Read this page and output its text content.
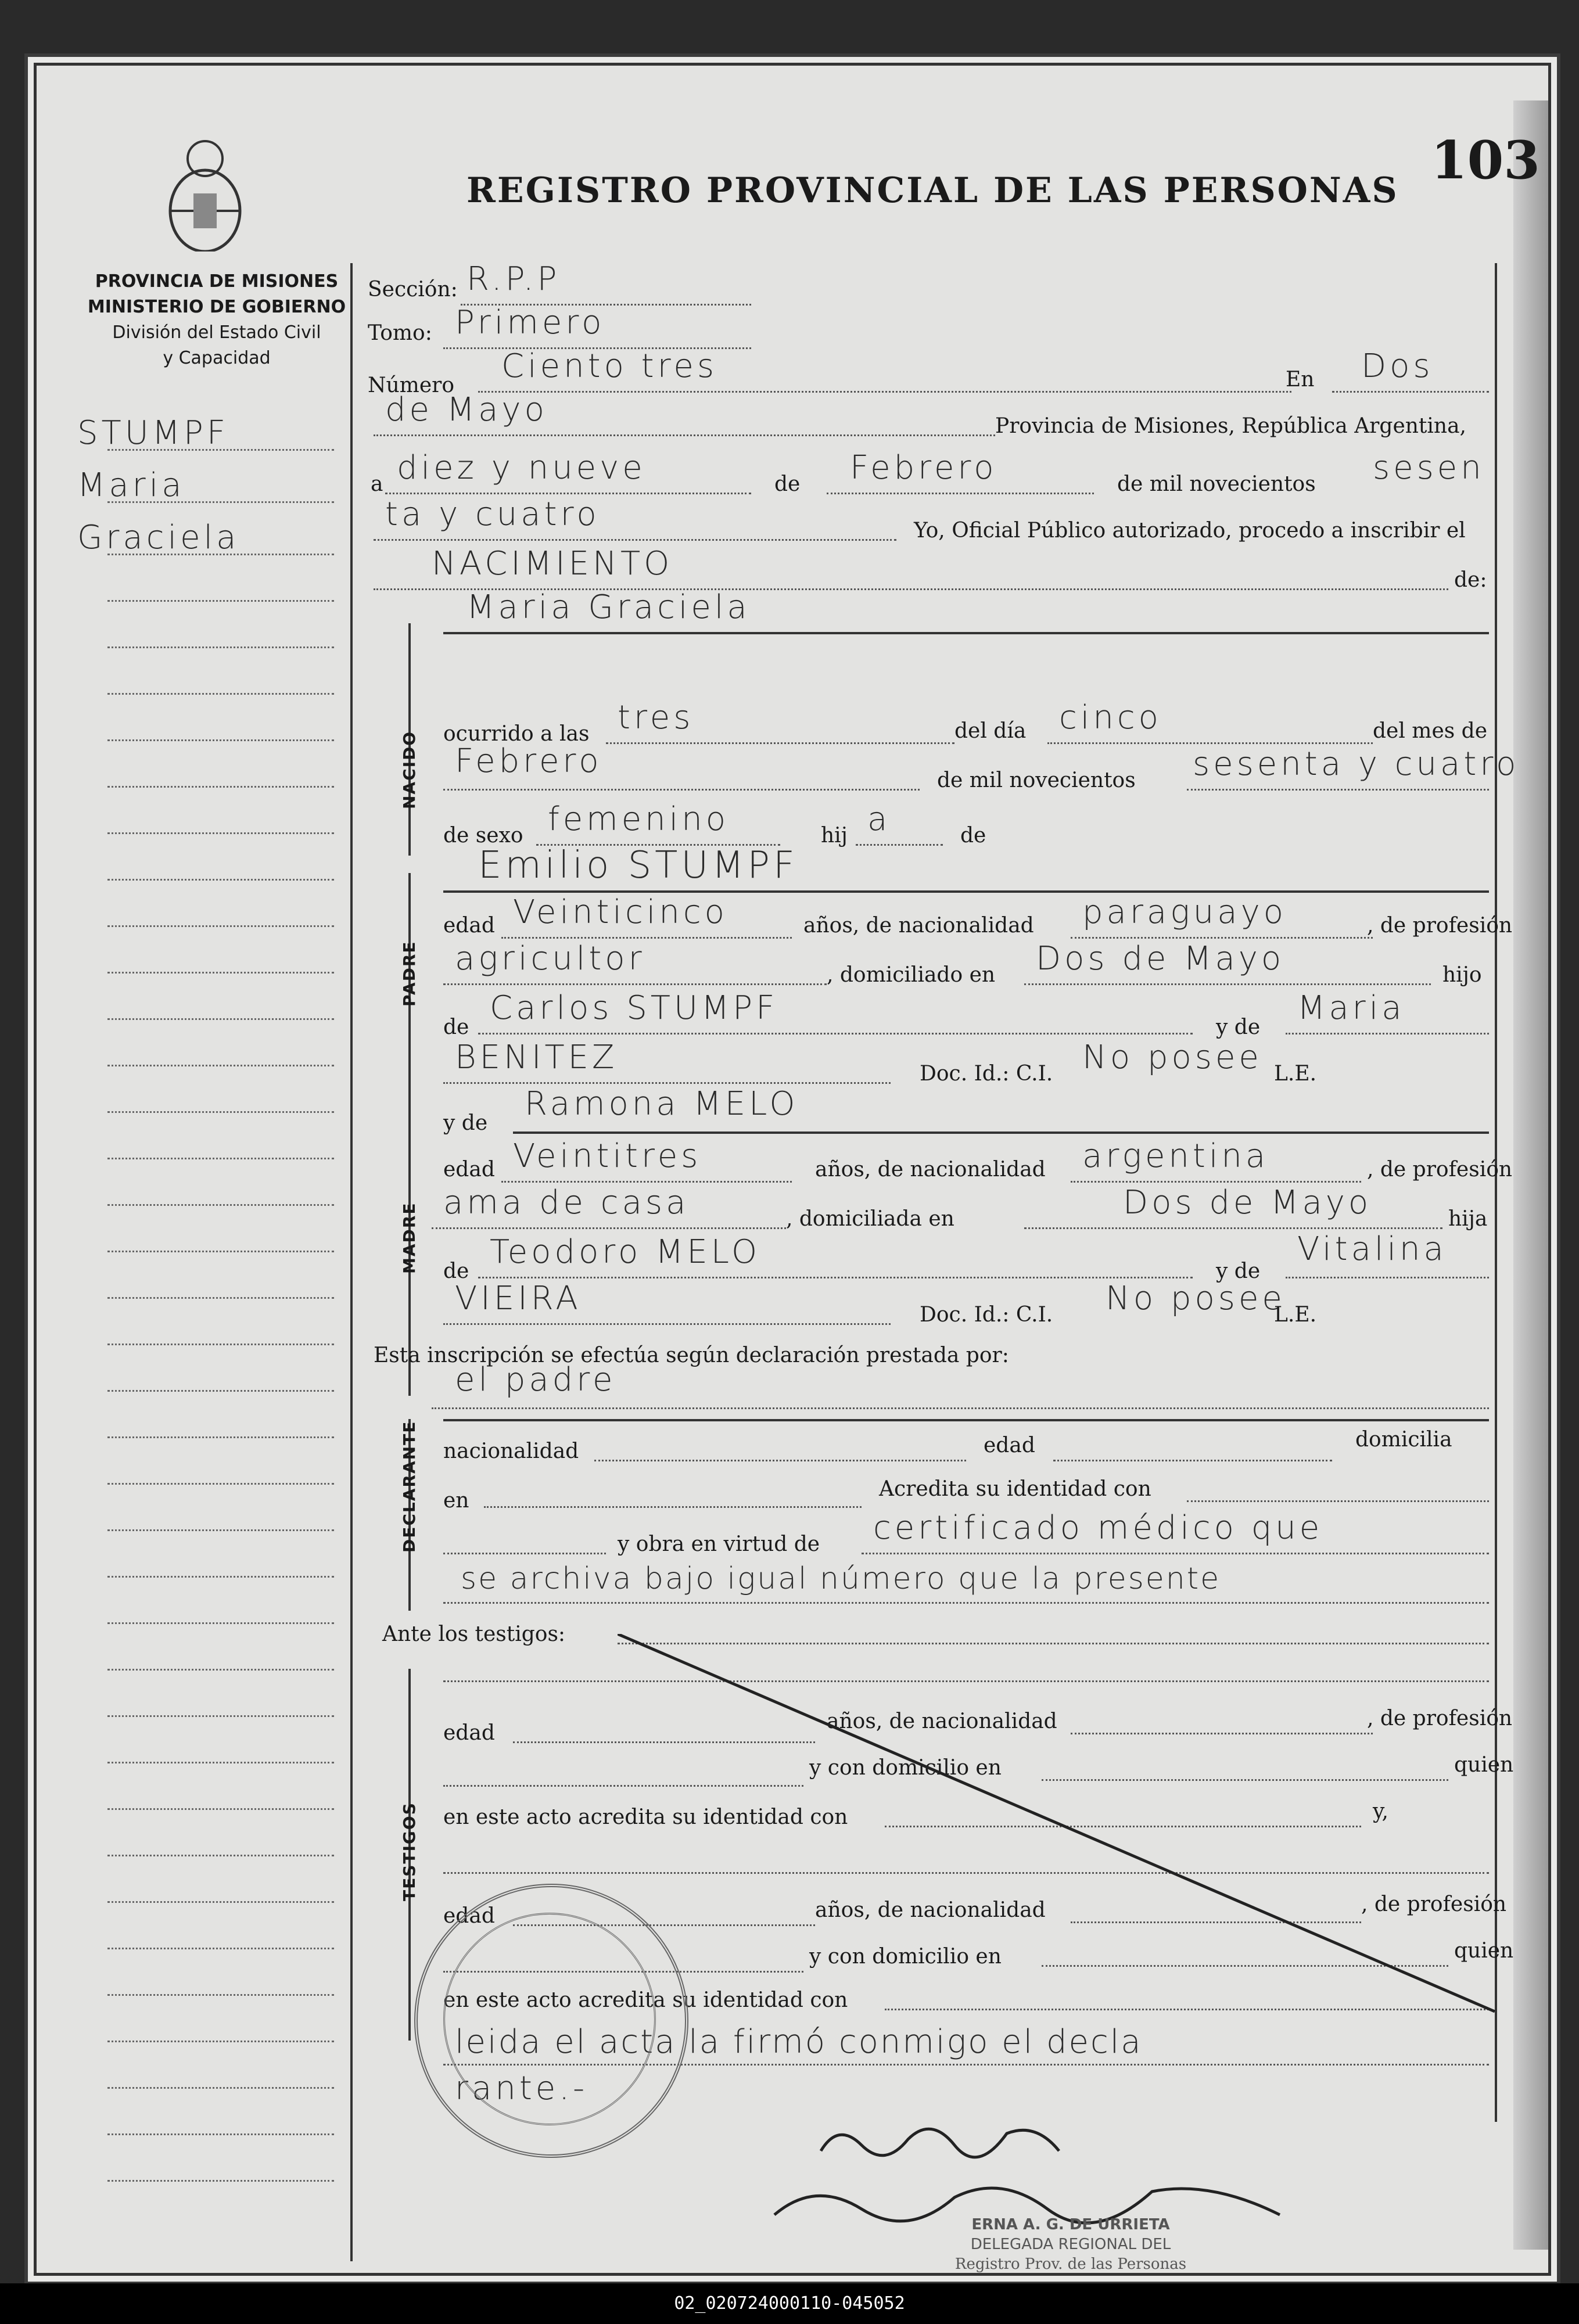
REGISTRO PROVINCIAL DE LAS PERSONAS 103
PROVINCIA DE MISIONES
MINISTERIO DE GOBIERNO
División del Estado Civil
y Capacidad
STUMPF
Maria
Graciela
Sección: R.P.P
Tomo: Primero
Número
Ciento tres	En Dos
de Mayo	Provincia de Misiones, República Argentina,
a diez y nueve	de Febrero	de mil novecientos sesen
ta y cuatro	Yo, Oficial Público autorizado, procedo a inscribir el
NACIMIENTO	de:
NACIDO
Maria Graciela
ocurrido a las tres	del día cinco	del mes de
Febrero
de mil novecientos sesenta y cuatro
de sexo femenino	hij a	de
PADRE
Emilio STUMPF
edad Veinticinco	años, de nacionalidad paraguayo	, de profesión
agricultor	, domiciliado en Dos de Mayo	hijo
de
Carlos STUMPF
y de
Maria
BENITEZ	Doc. Id.: C.I. No posee L.E.
MADRE
y de
Ramona MELO
edad Veintitres	años, de nacionalidad argentina	, de profesión
ama de casa	, domiciliada en	Dos de Mayo	hija
de
Teodoro MELO
y de
Vitalina
VIEIRA	Doc. Id.: C.I. No posee
L.E.
Esta inscripción se efectúa según declaración prestada por:
el padre
DECLARANTE nacionalidad	edad	domicilia
en	Acredita su identidad con
y obra en virtud de certificado médico que
se archiva bajo igual número que la presente
Ante los testigos:
TESTIGOS
edad	años, de nacionalidad	, de profesión
y con domicilio en	quien
en este acto acredita su identidad con	y,
edad	años, de nacionalidad	, de profesión
y con domicilio en	quien
en este acto acredita su identidad con
leida el acta la firmó conmigo el decla
rante.-
ERNA A. G. DE URRIETA
DELEGADA REGIONAL DEL
Registro Prov. de las Personas
02_020724000110-045052
